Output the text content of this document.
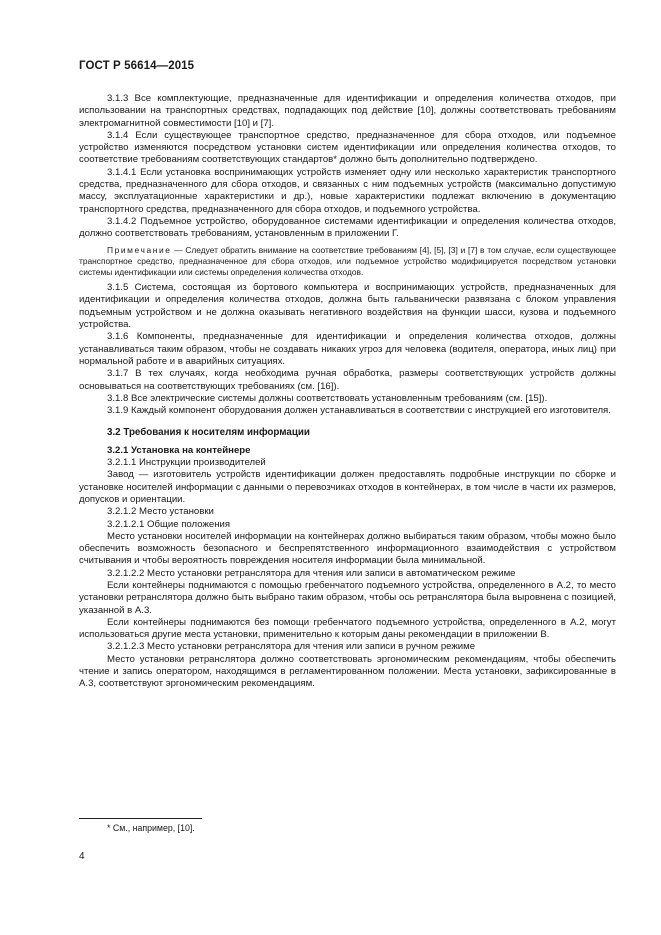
ГОСТ Р 56614—2015

3.1.3 Все комплектующие, предназначенные для идентификации и определения количества отходов, при использовании на транспортных средствах, подпадающих под действие [10], должны соответствовать требованиям электромагнитной совместимости [10] и [7].

3.1.4 Если существующее транспортное средство, предназначенное для сбора отходов, или подъемное устройство изменяются посредством установки систем идентификации или определения количества отходов, то соответствие требованиям соответствующих стандартов* должно быть дополнительно подтверждено.

3.1.4.1 Если установка воспринимающих устройств изменяет одну или несколько характеристик транспортного средства, предназначенного для сбора отходов, и связанных с ним подъемных устройств (максимально допустимую массу, эксплуатационные характеристики и др.), новые характеристики подлежат включению в документацию транспортного средства, предназначенного для сбора отходов, и подъемного устройства.

3.1.4.2 Подъемное устройство, оборудованное системами идентификации и определения количества отходов, должно соответствовать требованиям, установленным в приложении Г.

Примечание — Следует обратить внимание на соответствие требованиям [4], [5], [3] и [7] в том случае, если существующее транспортное средство, предназначенное для сбора отходов, или подъемное устройство модифицируется посредством установки системы идентификации или системы определения количества отходов.

3.1.5 Система, состоящая из бортового компьютера и воспринимающих устройств, предназначенных для идентификации и определения количества отходов, должна быть гальванически развязана с блоком управления подъемным устройством и не должна оказывать негативного воздействия на функции шасси, кузова и подъемного устройства.

3.1.6 Компоненты, предназначенные для идентификации и определения количества отходов, должны устанавливаться таким образом, чтобы не создавать никаких угроз для человека (водителя, оператора, иных лиц) при нормальной работе и в аварийных ситуациях.

3.1.7 В тех случаях, когда необходима ручная обработка, размеры соответствующих устройств должны основываться на соответствующих требованиях (см. [16]).

3.1.8 Все электрические системы должны соответствовать установленным требованиям (см. [15]).

3.1.9 Каждый компонент оборудования должен устанавливаться в соответствии с инструкцией его изготовителя.

3.2 Требования к носителям информации

3.2.1 Установка на контейнере

3.2.1.1 Инструкции производителей

Завод — изготовитель устройств идентификации должен предоставлять подробные инструкции по сборке и установке носителей информации с данными о перевозчиках отходов в контейнерах, в том числе в части их размеров, допусков и ориентации.

3.2.1.2 Место установки

3.2.1.2.1 Общие положения

Место установки носителей информации на контейнерах должно выбираться таким образом, чтобы можно было обеспечить возможность безопасного и беспрепятственного информационного взаимодействия с устройством считывания и чтобы вероятность повреждения носителя информации была минимальной.

3.2.1.2.2 Место установки ретранслятора для чтения или записи в автоматическом режиме

Если контейнеры поднимаются с помощью гребенчатого подъемного устройства, определенного в А.2, то место установки ретранслятора должно быть выбрано таким образом, чтобы ось ретранслятора была выровнена с позицией, указанной в А.3.

Если контейнеры поднимаются без помощи гребенчатого подъемного устройства, определенного в А.2, могут использоваться другие места установки, применительно к которым даны рекомендации в приложении В.

3.2.1.2.3 Место установки ретранслятора для чтения или записи в ручном режиме

Место установки ретранслятора должно соответствовать эргономическим рекомендациям, чтобы обеспечить чтение и запись оператором, находящимся в регламентированном положении. Места установки, зафиксированные в А.3, соответствуют эргономическим рекомендациям.

* См., например, [10].
4
